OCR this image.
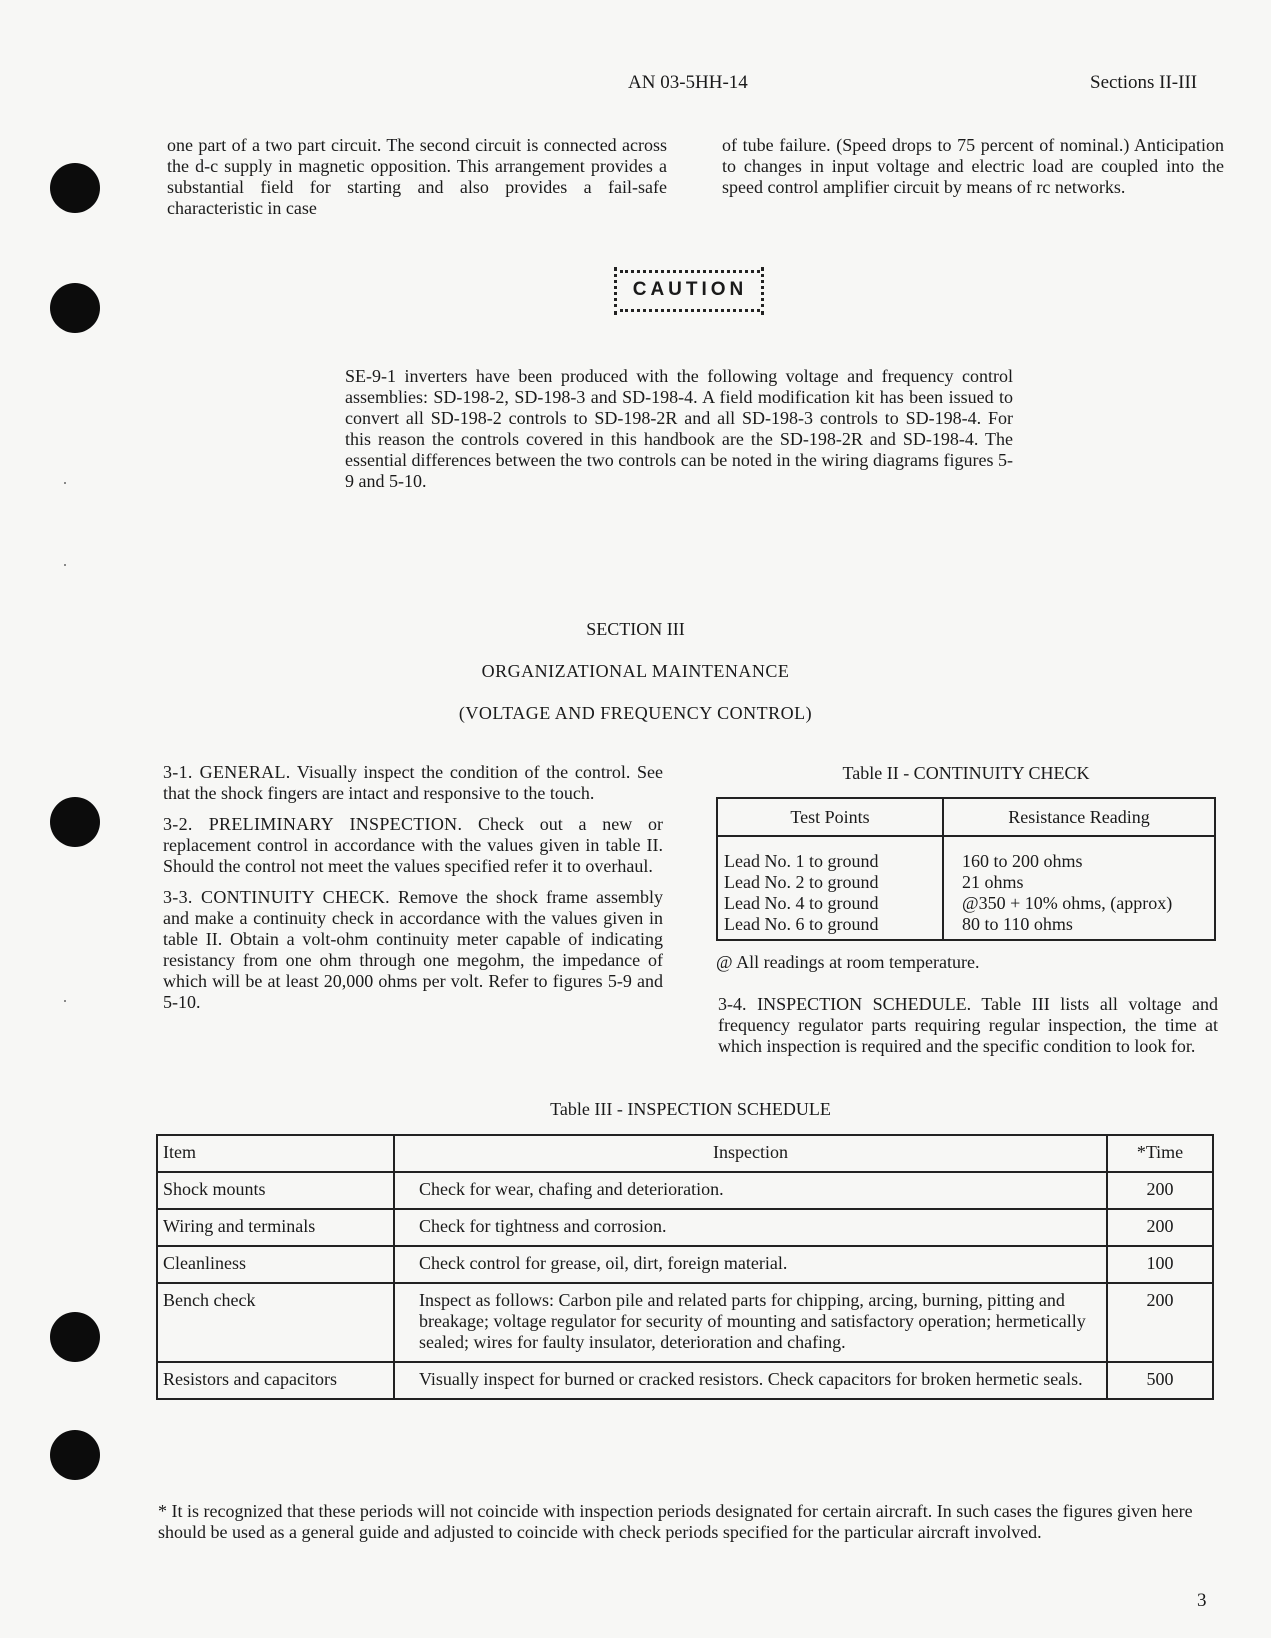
AN 03-5HH-14	Sections II-III
one part of a two part circuit. The second circuit is connected across the d-c supply in magnetic opposition. This arrangement provides a substantial field for starting and also provides a fail-safe characteristic in case
of tube failure. (Speed drops to 75 percent of nominal.) Anticipation to changes in input voltage and electric load are coupled into the speed control amplifier circuit by means of rc networks.
CAUTION
SE-9-1 inverters have been produced with the following voltage and frequency control assemblies: SD-198-2, SD-198-3 and SD-198-4. A field modification kit has been issued to convert all SD-198-2 controls to SD-198-2R and all SD-198-3 controls to SD-198-4. For this reason the controls covered in this handbook are the SD-198-2R and SD-198-4. The essential differences between the two controls can be noted in the wiring diagrams figures 5-9 and 5-10.
SECTION III
ORGANIZATIONAL MAINTENANCE
(VOLTAGE AND FREQUENCY CONTROL)

3-1. GENERAL. Visually inspect the condition of the control. See that the shock fingers are intact and responsive to the touch.

3-2. PRELIMINARY INSPECTION. Check out a new or replacement control in accordance with the values given in table II. Should the control not meet the values specified refer it to overhaul.

3-3. CONTINUITY CHECK. Remove the shock frame assembly and make a continuity check in accordance with the values given in table II. Obtain a volt-ohm continuity meter capable of indicating resistancy from one ohm through one megohm, the impedance of which will be at least 20,000 ohms per volt. Refer to figures 5-9 and 5-10.

Table II - CONTINUITY CHECK
Test Points	Resistance Reading
Lead No. 1 to ground	160 to 200 ohms
Lead No. 2 to ground	21 ohms
Lead No. 4 to ground	@350 + 10% ohms, (approx)
Lead No. 6 to ground	80 to 110 ohms
@ All readings at room temperature.
3-4. INSPECTION SCHEDULE. Table III lists all voltage and frequency regulator parts requiring regular inspection, the time at which inspection is required and the specific condition to look for.
Table III - INSPECTION SCHEDULE
Item	Inspection	*Time
Shock mounts	Check for wear, chafing and deterioration.	200
Wiring and terminals	Check for tightness and corrosion.	200
Cleanliness	Check control for grease, oil, dirt, foreign material.	100
Bench check	Inspect as follows: Carbon pile and related parts for chipping, arcing, burning, pitting and breakage; voltage regulator for security of mounting and satisfactory operation; hermetically sealed; wires for faulty insulator, deterioration and chafing.	200
Resistors and capacitors	Visually inspect for burned or cracked resistors. Check capacitors for broken hermetic seals.	500
* It is recognized that these periods will not coincide with inspection periods designated for certain aircraft. In such cases the figures given here should be used as a general guide and adjusted to coincide with check periods specified for the particular aircraft involved.
3
